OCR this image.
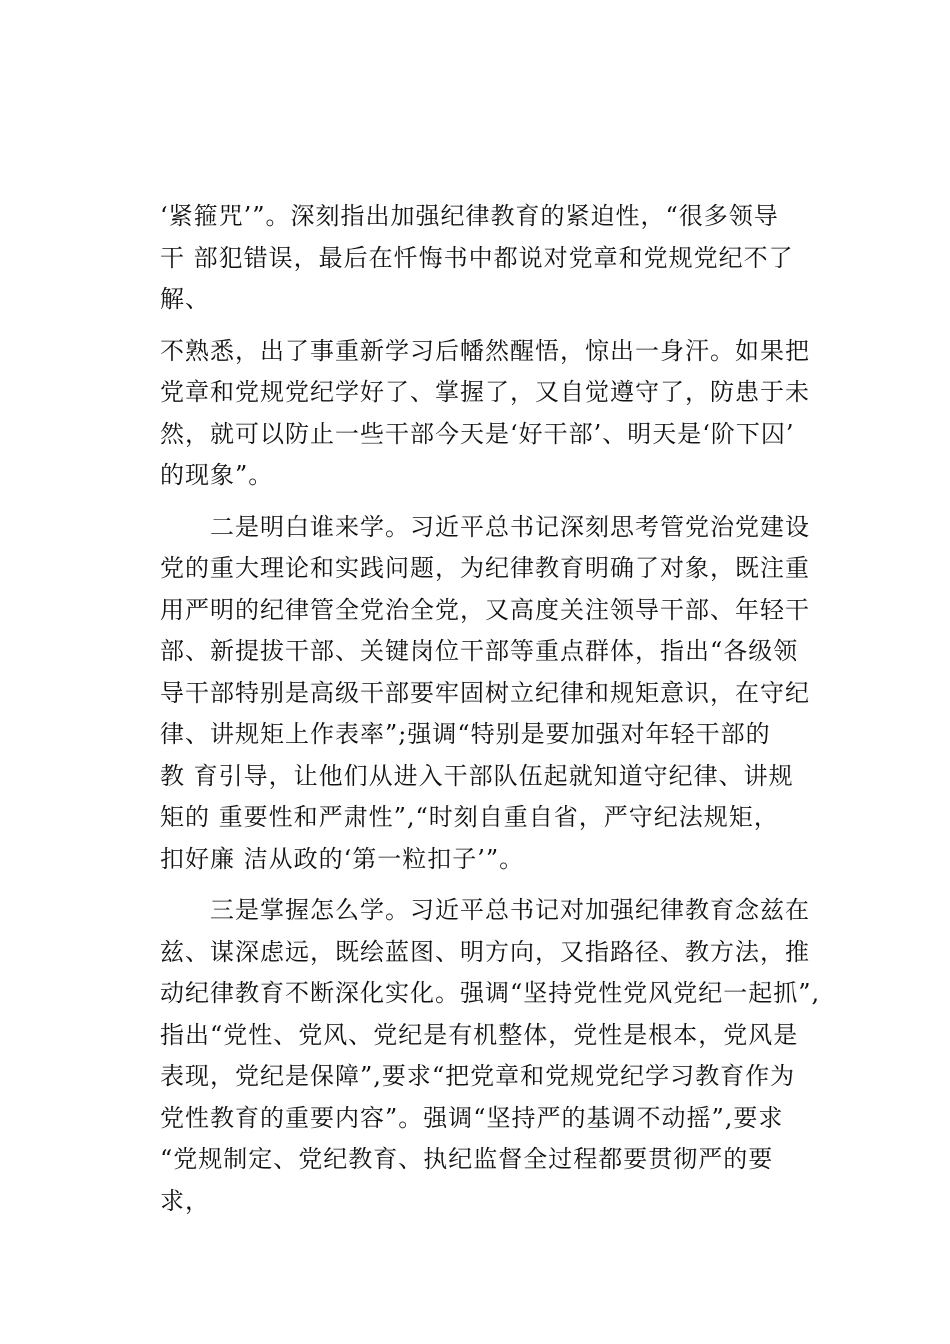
‘紧箍咒’”。深刻指出加强纪律教育的紧迫性，“很多领导
干 部犯错误，最后在忏悔书中都说对党章和党规党纪不了
解、
不熟悉，出了事重新学习后幡然醒悟，惊出一身汗。如果把
党章和党规党纪学好了、掌握了，又自觉遵守了，防患于未
然，就可以防止一些干部今天是‘好干部’、明天是‘阶下囚’
的现象”。
　　二是明白谁来学。习近平总书记深刻思考管党治党建设
党的重大理论和实践问题，为纪律教育明确了对象，既注重
用严明的纪律管全党治全党，又高度关注领导干部、年轻干
部、新提拔干部、关键岗位干部等重点群体，指出“各级领
导干部特别是高级干部要牢固树立纪律和规矩意识，在守纪
律、讲规矩上作表率”;强调“特别是要加强对年轻干部的
教 育引导，让他们从进入干部队伍起就知道守纪律、讲规
矩的 重要性和严肃性”,“时刻自重自省，严守纪法规矩，
扣好廉 洁从政的‘第一粒扣子’”。
　　三是掌握怎么学。习近平总书记对加强纪律教育念兹在
兹、谋深虑远，既绘蓝图、明方向，又指路径、教方法，推
动纪律教育不断深化实化。强调“坚持党性党风党纪一起抓”,
指出“党性、党风、党纪是有机整体，党性是根本，党风是
表现，党纪是保障”,要求“把党章和党规党纪学习教育作为
党性教育的重要内容”。强调“坚持严的基调不动摇”,要求
“党规制定、党纪教育、执纪监督全过程都要贯彻严的要
求，
